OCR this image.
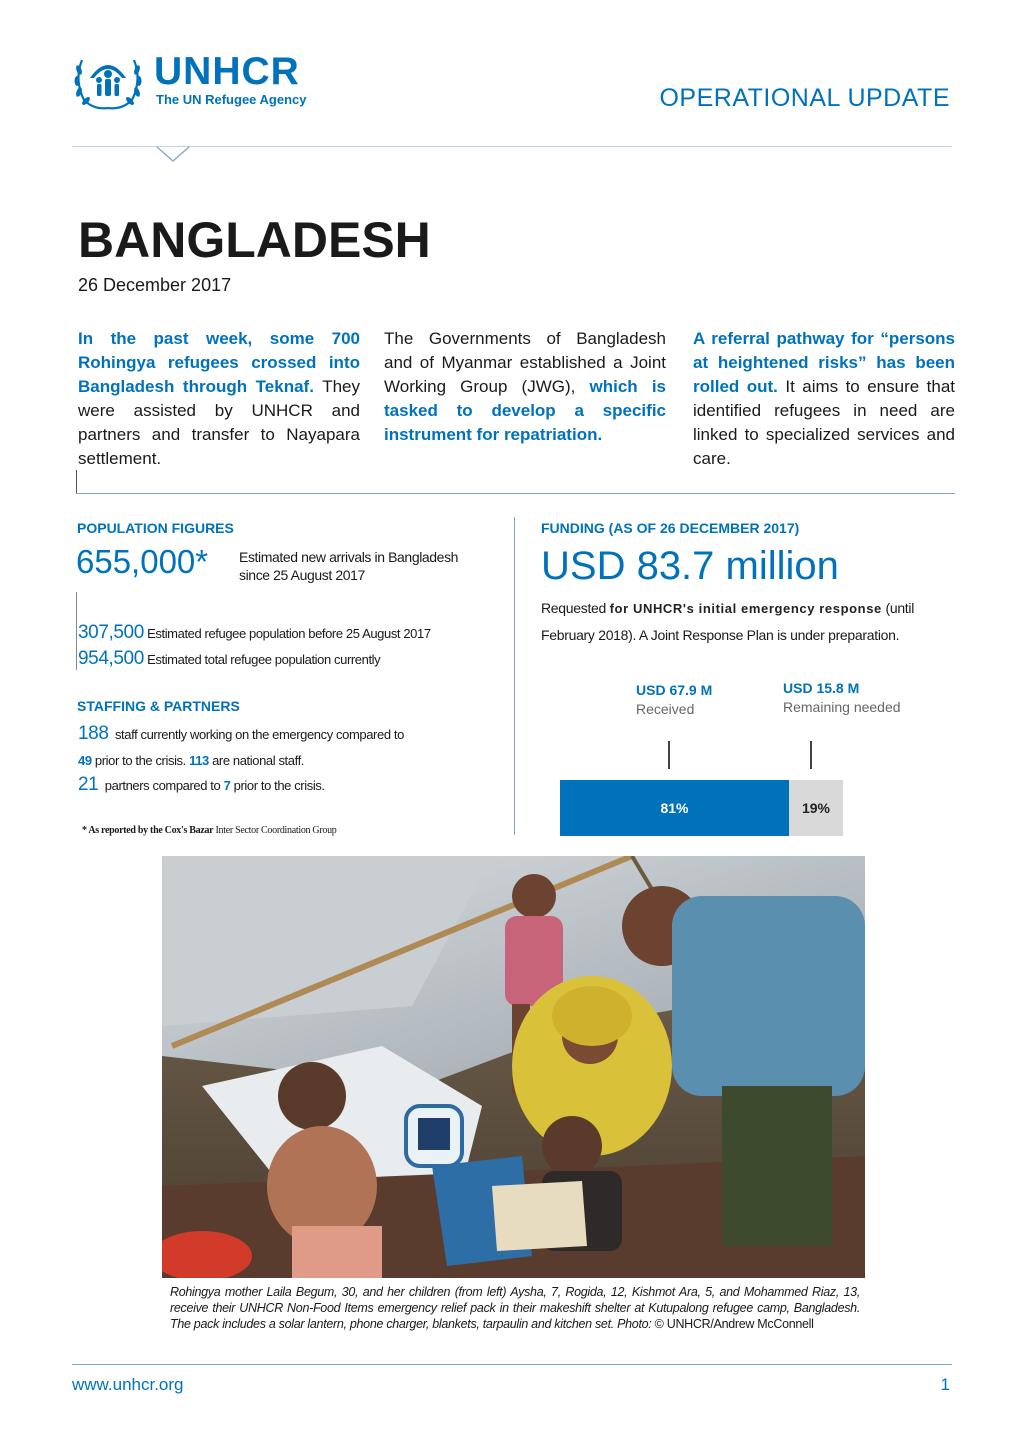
UNHCR
The UN Refugee Agency	OPERATIONAL UPDATE
BANGLADESH
26 December 2017
In the past week, some 700 Rohingya refugees crossed into Bangladesh through Teknaf. They were assisted by UNHCR and partners and transfer to Nayapara settlement.
The Governments of Bangladesh and of Myanmar established a Joint Working Group (JWG), which is tasked to develop a specific instrument for repatriation.
A referral pathway for “persons at heightened risks” has been rolled out. It aims to ensure that identified refugees in need are linked to specialized services and care.
POPULATION FIGURES
655,000* Estimated new arrivals in Bangladesh since 25 August 2017
307,500 Estimated refugee population before 25 August 2017
954,500 Estimated total refugee population currently
STAFFING & PARTNERS
188 staff currently working on the emergency compared to
49 prior to the crisis. 113 are national staff.
21 partners compared to 7 prior to the crisis.
* As reported by the Cox's Bazar Inter Sector Coordination Group
FUNDING (AS OF 26 DECEMBER 2017)
USD 83.7 million
Requested for UNHCR's initial emergency response (until February 2018). A Joint Response Plan is under preparation.
USD 67.9 M
Received
USD 15.8 M
Remaining needed
81%	19%
Rohingya mother Laila Begum, 30, and her children (from left) Aysha, 7, Rogida, 12, Kishmot Ara, 5, and Mohammed Riaz, 13, receive their UNHCR Non-Food Items emergency relief pack in their makeshift shelter at Kutupalong refugee camp, Bangladesh. The pack includes a solar lantern, phone charger, blankets, tarpaulin and kitchen set. Photo: © UNHCR/Andrew McConnell
www.unhcr.org	1
